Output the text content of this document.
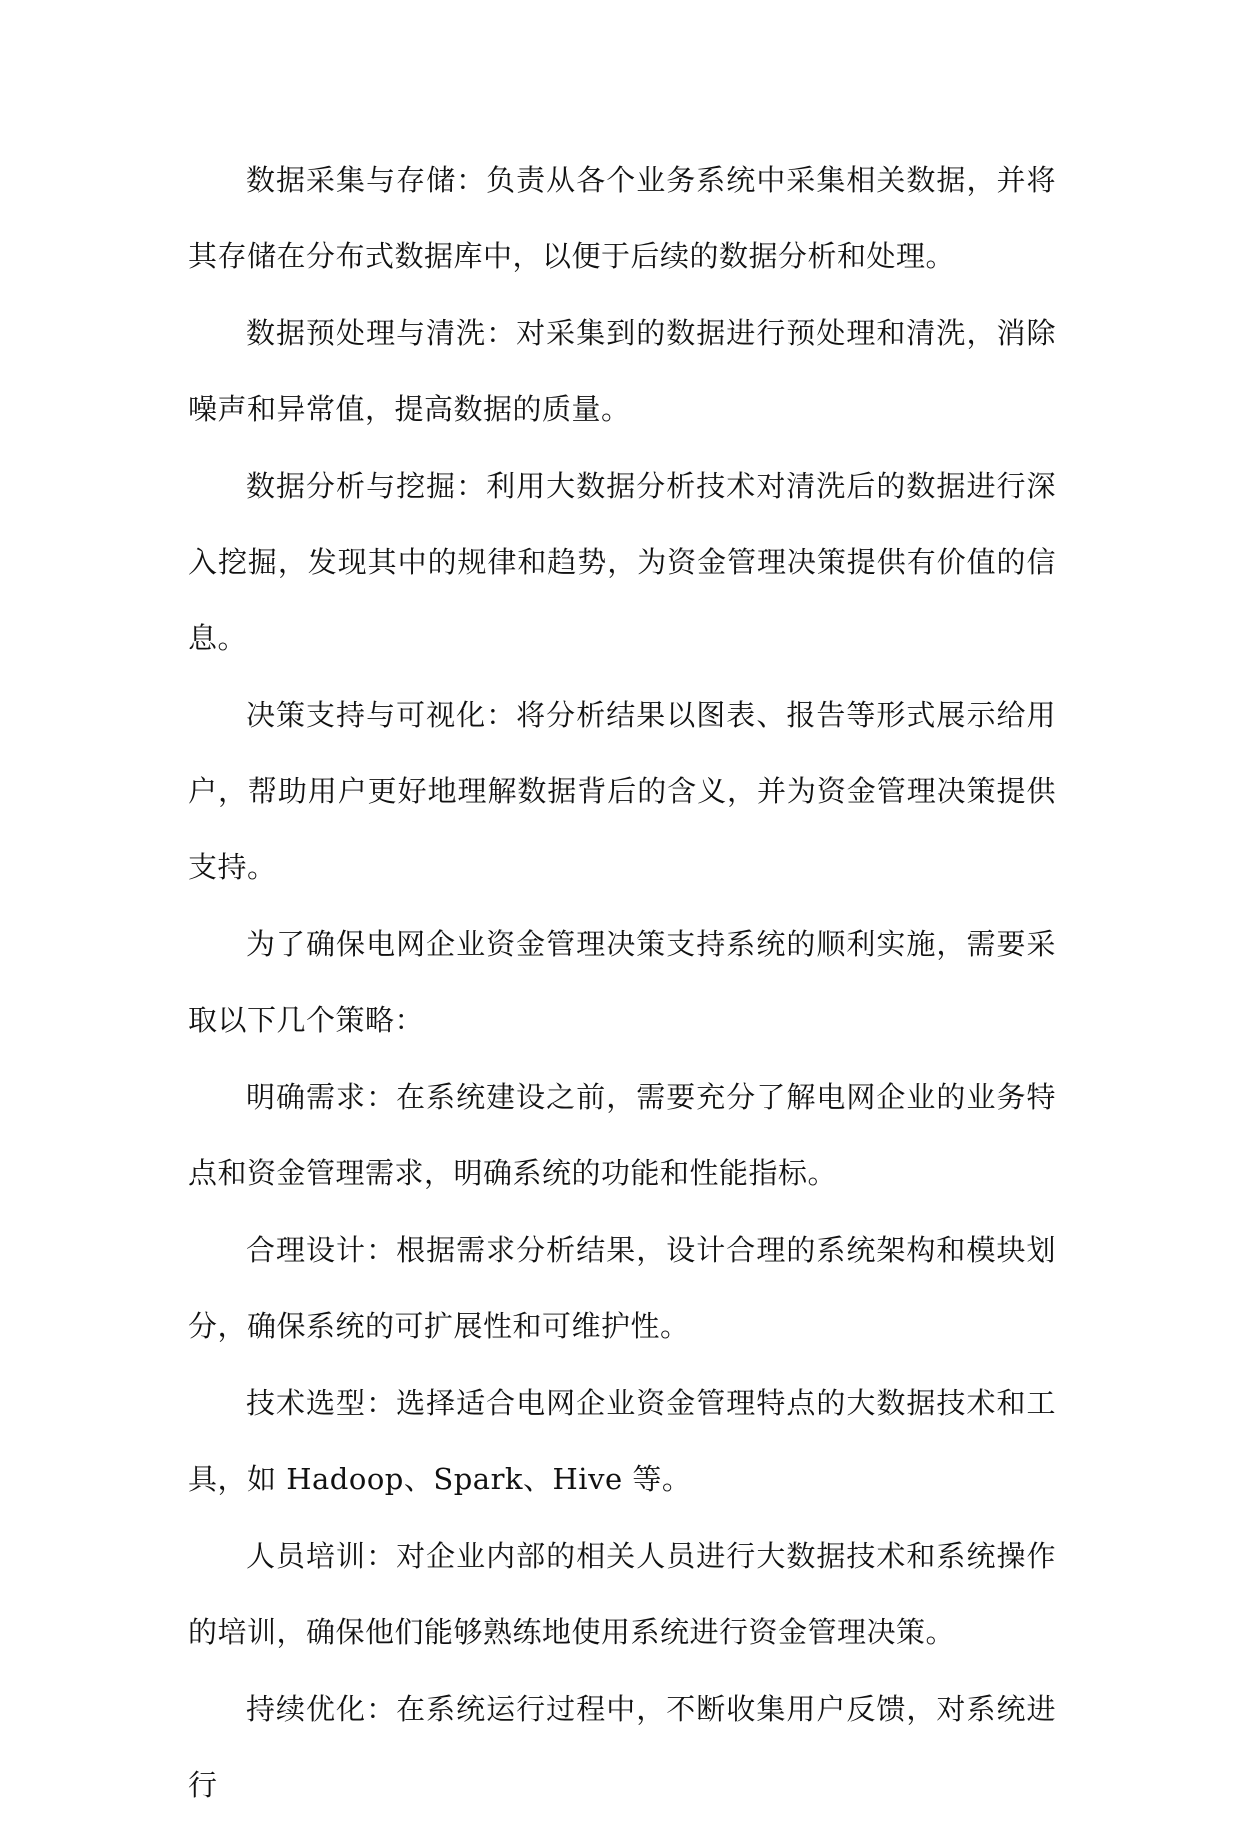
数据采集与存储：负责从各个业务系统中采集相关数据，并将其存储在分布式数据库中，以便于后续的数据分析和处理。

数据预处理与清洗：对采集到的数据进行预处理和清洗，消除噪声和异常值，提高数据的质量。

数据分析与挖掘：利用大数据分析技术对清洗后的数据进行深入挖掘，发现其中的规律和趋势，为资金管理决策提供有价值的信息。

决策支持与可视化：将分析结果以图表、报告等形式展示给用户，帮助用户更好地理解数据背后的含义，并为资金管理决策提供支持。

为了确保电网企业资金管理决策支持系统的顺利实施，需要采取以下几个策略：

明确需求：在系统建设之前，需要充分了解电网企业的业务特点和资金管理需求，明确系统的功能和性能指标。

合理设计：根据需求分析结果，设计合理的系统架构和模块划分，确保系统的可扩展性和可维护性。

技术选型：选择适合电网企业资金管理特点的大数据技术和工具，如 Hadoop、Spark、Hive 等。

人员培训：对企业内部的相关人员进行大数据技术和系统操作的培训，确保他们能够熟练地使用系统进行资金管理决策。

持续优化：在系统运行过程中，不断收集用户反馈，对系统进行
